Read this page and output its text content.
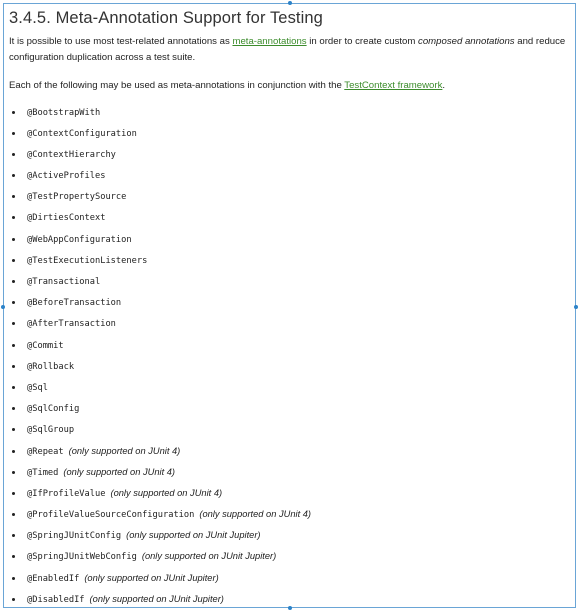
3.4.5. Meta-Annotation Support for Testing

It is possible to use most test-related annotations as meta-annotations in order to create custom composed annotations and reduce configuration duplication across a test suite.

Each of the following may be used as meta-annotations in conjunction with the TestContext framework.

@BootstrapWith
@ContextConfiguration
@ContextHierarchy
@ActiveProfiles
@TestPropertySource
@DirtiesContext
@WebAppConfiguration
@TestExecutionListeners
@Transactional
@BeforeTransaction
@AfterTransaction
@Commit
@Rollback
@Sql
@SqlConfig
@SqlGroup
@Repeat (only supported on JUnit 4)
@Timed (only supported on JUnit 4)
@IfProfileValue (only supported on JUnit 4)
@ProfileValueSourceConfiguration (only supported on JUnit 4)
@SpringJUnitConfig (only supported on JUnit Jupiter)
@SpringJUnitWebConfig (only supported on JUnit Jupiter)
@EnabledIf (only supported on JUnit Jupiter)
@DisabledIf (only supported on JUnit Jupiter)
